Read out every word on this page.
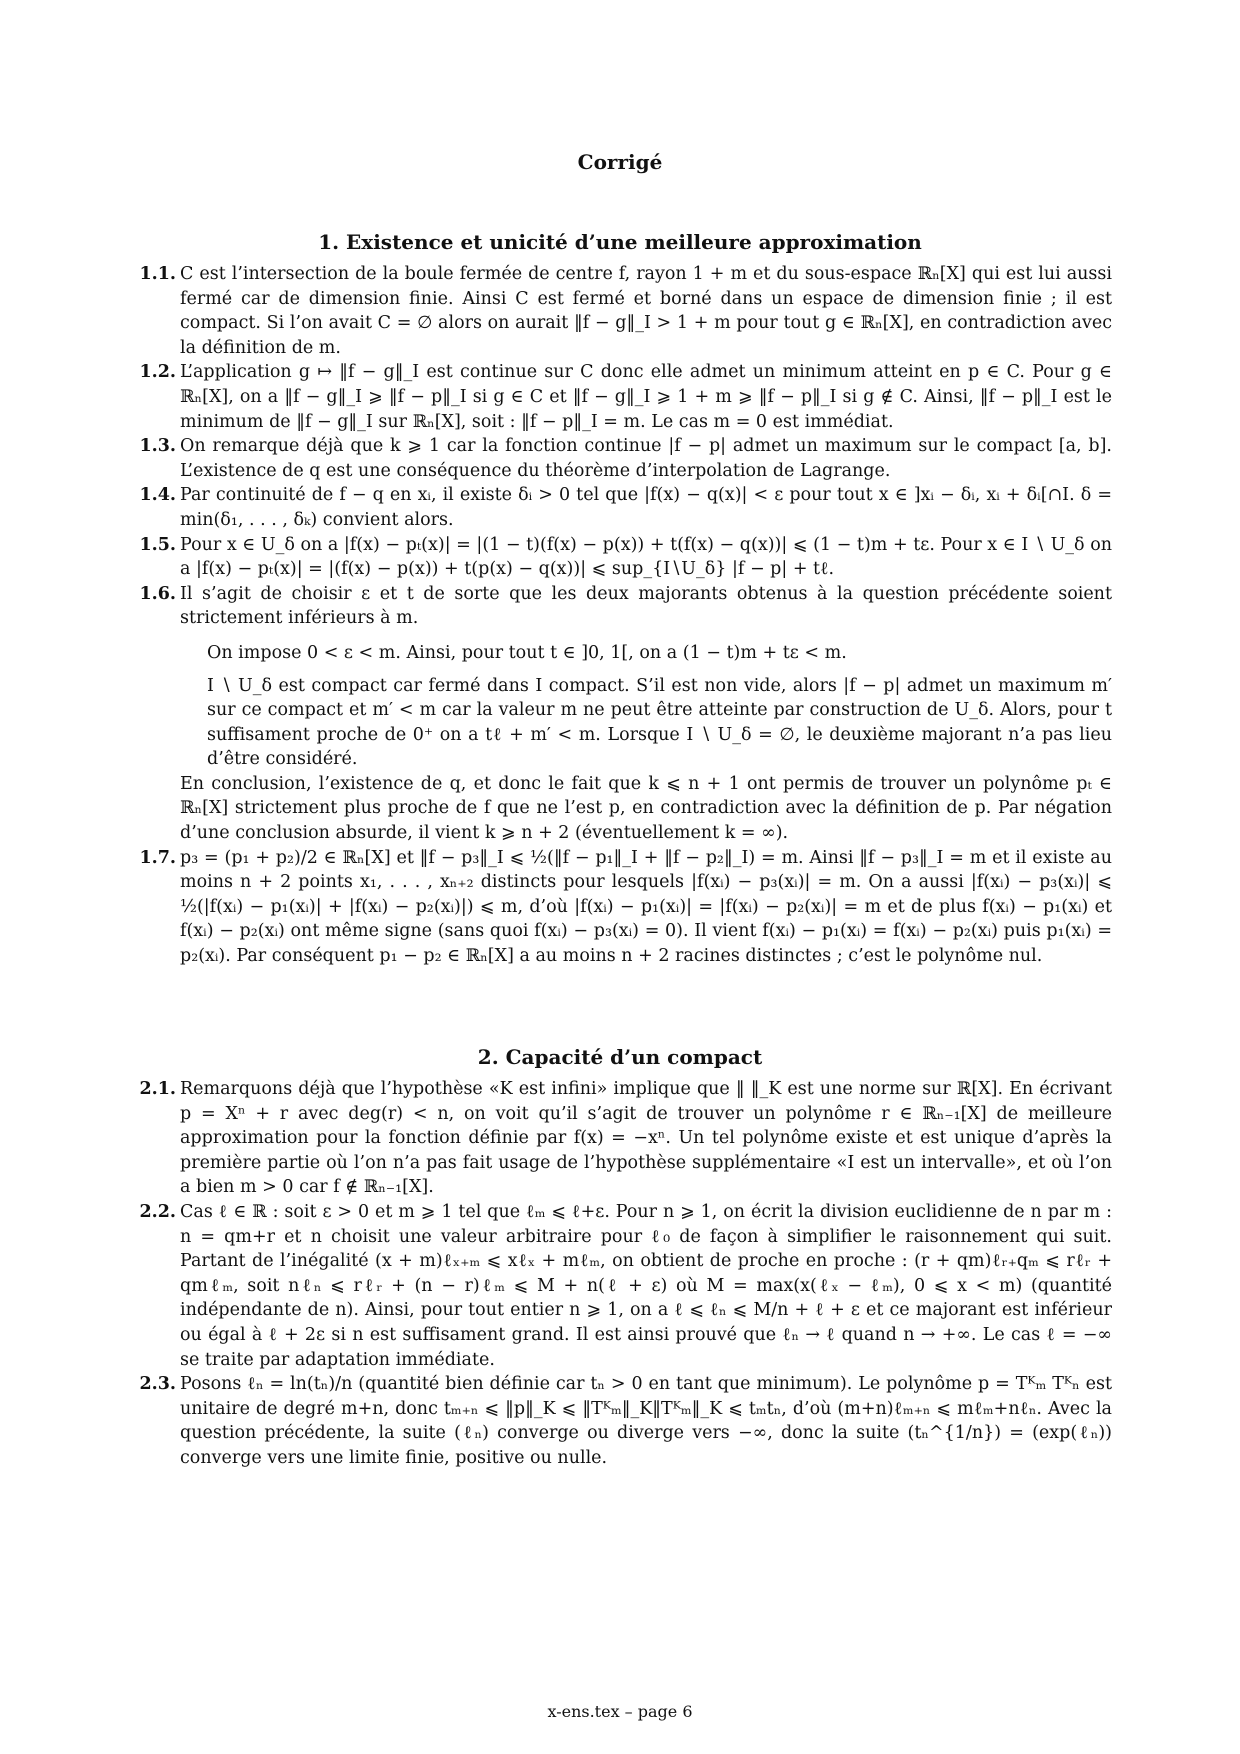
Corrigé
1. Existence et unicité d’une meilleure approximation
1.1. C est l’intersection de la boule fermée de centre f, rayon 1 + m et du sous-espace ℝₙ[X] qui est lui aussi fermé car de dimension finie. Ainsi C est fermé et borné dans un espace de dimension finie ; il est compact. Si l’on avait C = ∅ alors on aurait ‖f − g‖_I > 1 + m pour tout g ∈ ℝₙ[X], en contradiction avec la définition de m.

1.2. L’application g ↦ ‖f − g‖_I est continue sur C donc elle admet un minimum atteint en p ∈ C. Pour g ∈ ℝₙ[X], on a ‖f − g‖_I ⩾ ‖f − p‖_I si g ∈ C et ‖f − g‖_I ⩾ 1 + m ⩾ ‖f − p‖_I si g ∉ C. Ainsi, ‖f − p‖_I est le minimum de ‖f − g‖_I sur ℝₙ[X], soit : ‖f − p‖_I = m. Le cas m = 0 est immédiat.

1.3. On remarque déjà que k ⩾ 1 car la fonction continue |f − p| admet un maximum sur le compact [a, b]. L’existence de q est une conséquence du théorème d’interpolation de Lagrange.

1.4. Par continuité de f − q en xᵢ, il existe δᵢ > 0 tel que |f(x) − q(x)| < ε pour tout x ∈ ]xᵢ − δᵢ, xᵢ + δᵢ[∩I. δ = min(δ₁, . . . , δₖ) convient alors.

1.5. Pour x ∈ U_δ on a |f(x) − pₜ(x)| = |(1 − t)(f(x) − p(x)) + t(f(x) − q(x))| ⩽ (1 − t)m + tε. Pour x ∈ I ∖ U_δ on a |f(x) − pₜ(x)| = |(f(x) − p(x)) + t(p(x) − q(x))| ⩽ sup_{I∖U_δ} |f − p| + tℓ.

1.6. Il s’agit de choisir ε et t de sorte que les deux majorants obtenus à la question précédente soient strictement inférieurs à m.

On impose 0 < ε < m. Ainsi, pour tout t ∈ ]0, 1[, on a (1 − t)m + tε < m.

I ∖ U_δ est compact car fermé dans I compact. S’il est non vide, alors |f − p| admet un maximum m′ sur ce compact et m′ < m car la valeur m ne peut être atteinte par construction de U_δ. Alors, pour t suffisament proche de 0⁺ on a tℓ + m′ < m. Lorsque I ∖ U_δ = ∅, le deuxième majorant n’a pas lieu d’être considéré.

En conclusion, l’existence de q, et donc le fait que k ⩽ n + 1 ont permis de trouver un polynôme pₜ ∈ ℝₙ[X] strictement plus proche de f que ne l’est p, en contradiction avec la définition de p. Par négation d’une conclusion absurde, il vient k ⩾ n + 2 (éventuellement k = ∞).

1.7. p₃ = (p₁ + p₂)/2 ∈ ℝₙ[X] et ‖f − p₃‖_I ⩽ ½(‖f − p₁‖_I + ‖f − p₂‖_I) = m. Ainsi ‖f − p₃‖_I = m et il existe au moins n + 2 points x₁, . . . , xₙ₊₂ distincts pour lesquels |f(xᵢ) − p₃(xᵢ)| = m. On a aussi |f(xᵢ) − p₃(xᵢ)| ⩽ ½(|f(xᵢ) − p₁(xᵢ)| + |f(xᵢ) − p₂(xᵢ)|) ⩽ m, d’où |f(xᵢ) − p₁(xᵢ)| = |f(xᵢ) − p₂(xᵢ)| = m et de plus f(xᵢ) − p₁(xᵢ) et f(xᵢ) − p₂(xᵢ) ont même signe (sans quoi f(xᵢ) − p₃(xᵢ) = 0). Il vient f(xᵢ) − p₁(xᵢ) = f(xᵢ) − p₂(xᵢ) puis p₁(xᵢ) = p₂(xᵢ). Par conséquent p₁ − p₂ ∈ ℝₙ[X] a au moins n + 2 racines distinctes ; c’est le polynôme nul.

2. Capacité d’un compact
2.1. Remarquons déjà que l’hypothèse «K est infini» implique que ‖ ‖_K est une norme sur ℝ[X]. En écrivant p = Xⁿ + r avec deg(r) < n, on voit qu’il s’agit de trouver un polynôme r ∈ ℝₙ₋₁[X] de meilleure approximation pour la fonction définie par f(x) = −xⁿ. Un tel polynôme existe et est unique d’après la première partie où l’on n’a pas fait usage de l’hypothèse supplémentaire «I est un intervalle», et où l’on a bien m > 0 car f ∉ ℝₙ₋₁[X].

2.2. Cas ℓ ∈ ℝ : soit ε > 0 et m ⩾ 1 tel que ℓₘ ⩽ ℓ+ε. Pour n ⩾ 1, on écrit la division euclidienne de n par m : n = qm+r et n choisit une valeur arbitraire pour ℓ₀ de façon à simplifier le raisonnement qui suit. Partant de l’inégalité (x + m)ℓₓ₊ₘ ⩽ xℓₓ + mℓₘ, on obtient de proche en proche : (r + qm)ℓᵣ₊qₘ ⩽ rℓᵣ + qmℓₘ, soit nℓₙ ⩽ rℓᵣ + (n − r)ℓₘ ⩽ M + n(ℓ + ε) où M = max(x(ℓₓ − ℓₘ), 0 ⩽ x < m) (quantité indépendante de n). Ainsi, pour tout entier n ⩾ 1, on a ℓ ⩽ ℓₙ ⩽ M/n + ℓ + ε et ce majorant est inférieur ou égal à ℓ + 2ε si n est suffisament grand. Il est ainsi prouvé que ℓₙ → ℓ quand n → +∞. Le cas ℓ = −∞ se traite par adaptation immédiate.

2.3. Posons ℓₙ = ln(tₙ)/n (quantité bien définie car tₙ > 0 en tant que minimum). Le polynôme p = Tᴷₘ Tᴷₙ est unitaire de degré m+n, donc tₘ₊ₙ ⩽ ‖p‖_K ⩽ ‖Tᴷₘ‖_K‖Tᴷₘ‖_K ⩽ tₘtₙ, d’où (m+n)ℓₘ₊ₙ ⩽ mℓₘ+nℓₙ. Avec la question précédente, la suite (ℓₙ) converge ou diverge vers −∞, donc la suite (tₙ^{1/n}) = (exp(ℓₙ)) converge vers une limite finie, positive ou nulle.

x-ens.tex – page 6
